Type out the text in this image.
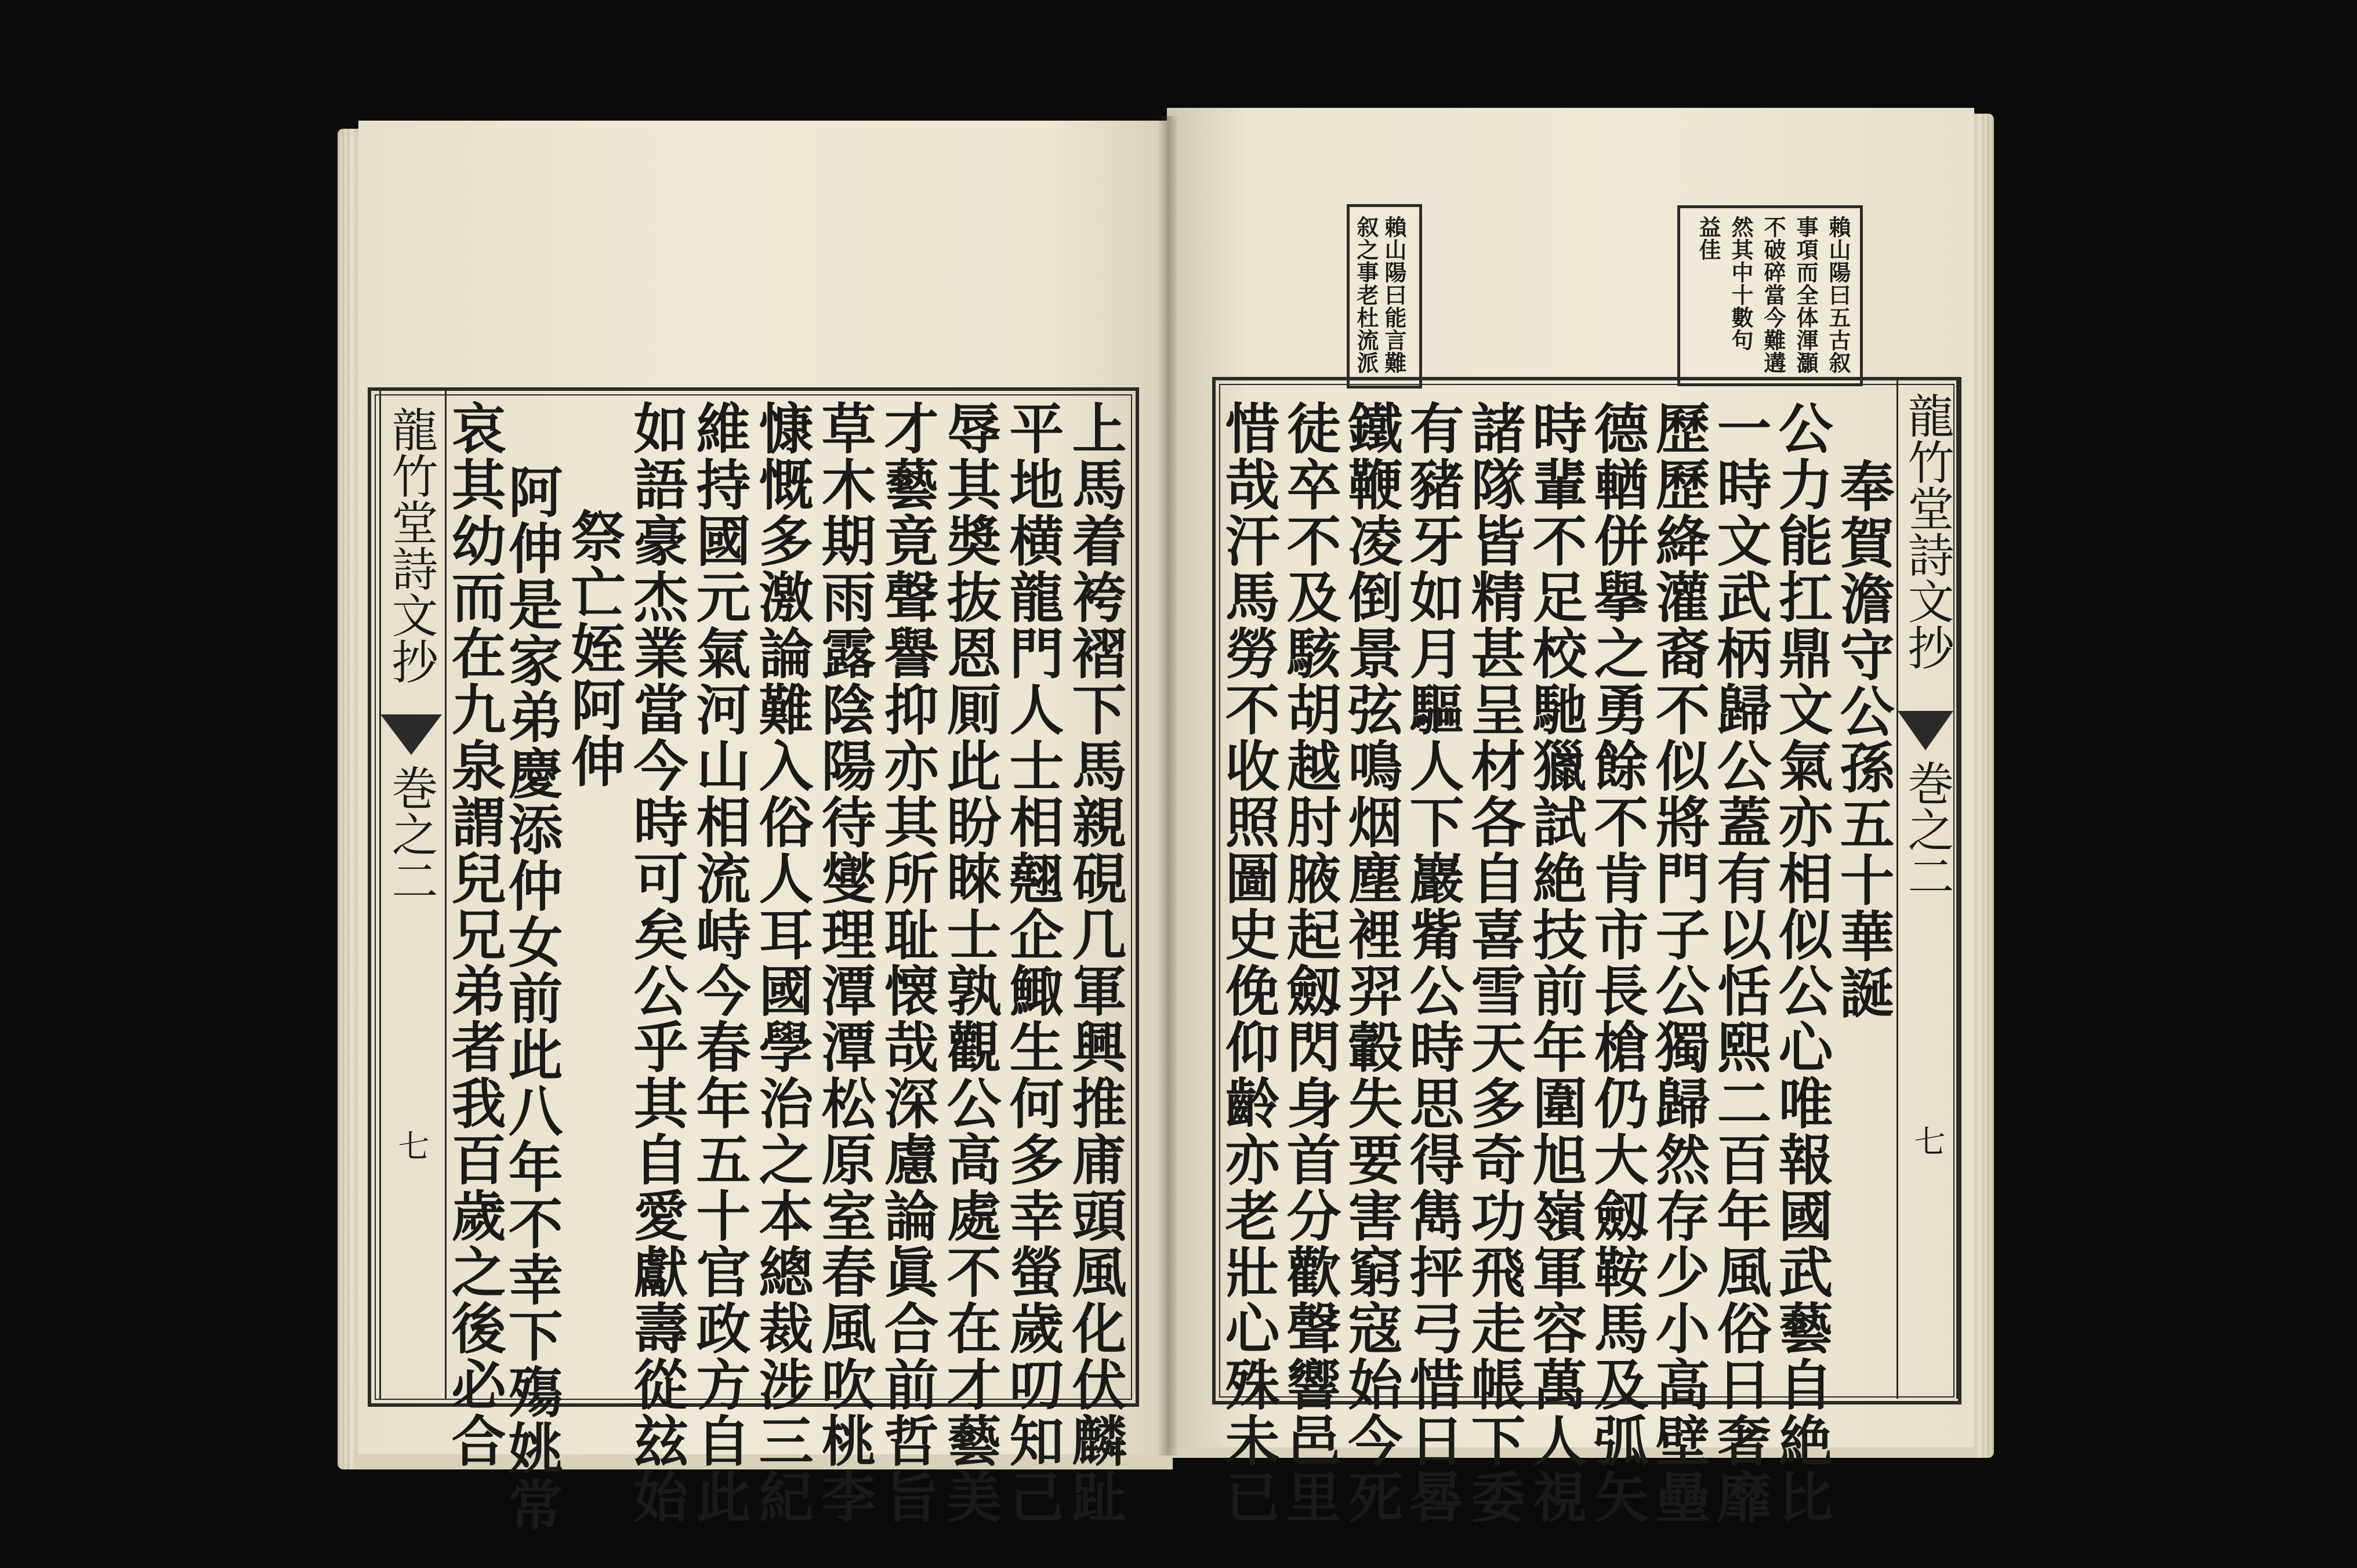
龍竹堂詩文抄
巻之二
七	上馬着袴褶下馬親硯几軍興推庯頭風化伏麟趾
平地横龍門人士相翹企鯫生何多幸螢歲叨知己
辱其奬抜恩厠此盼睞士孰觀公高處不在才藝美
才藝竟聲譽抑亦其所耻懐哉深慮論眞合前哲旨
草木期雨露陰陽待燮理潭潭松原室春風吹桃李
慷慨多激論難入俗人耳國學治之本總裁涉三紀
維持國元氣河山相流峙今春年五十官政方自此
如語豪杰業當今時可矣公乎其自愛獻壽從玆始
祭亡姪阿伸
阿伸是家弟慶添仲女前此八年不幸下殤姚常
哀其幼而在九泉謂兒兄弟者我百歲之後必合
賴山陽曰能言難
叙之事老杜流派	賴山陽曰五古叙
事項而全体渾灝
不破碎當今難遘
然其中十數句
益佳
龍竹堂詩文抄
巻之二
七
奉賀澹守公孫五十華誕
公力能扛鼎文氣亦相似公心唯報國武藝自絶比
一時文武柄歸公蓋有以恬熙二百年風俗日奢靡
歷歷絳灌裔不似將門子公獨歸然存少小高壁壘
德輶併擧之勇餘不肯市長槍仍大劔鞍馬及弧矢
時輩不足校馳獵試絶技前年圍旭嶺軍容萬人視
諸隊皆精甚呈材各自喜雪天多奇功飛走帳下委
有豬牙如月驅人下巖觜公時思得雋抨弓惜日晷
鐵鞭凌倒景弦鳴烟塵裡羿轂失要害窮寇始今死
徒卒不及駭胡越肘腋起劔閃身首分歡聲響邑里
惜哉汗馬勞不收照圖史俛仰齡亦老壯心殊未已
